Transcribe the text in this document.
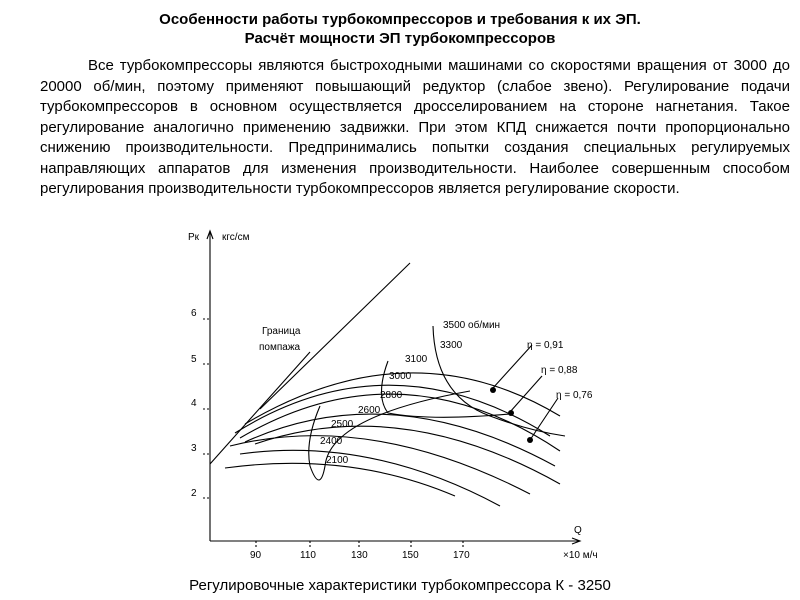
Особенности работы турбокомпрессоров и требования к их ЭП.
Расчёт мощности ЭП турбокомпрессоров
Все турбокомпрессоры являются быстроходными машинами со скоростями вращения от 3000 до 20000 об/мин, поэтому применяют повышающий редуктор (слабое звено). Регулирование подачи турбокомпрессоров в основном осуществляется дросселированием на стороне нагнетания. Такое регулирование аналогично применению задвижки. При этом КПД снижается почти пропорционально снижению производительности. Предпринимались попытки создания специальных регулируемых направляющих аппаратов для изменения производительности. Наиболее совершенным способом регулирования производительности турбокомпрессоров является регулирование скорости.
Pк кгс/см
Q
×10 м/ч
6
5
4
3
2
90	110	130	150	170
Граница
помпажа
3500 об/мин
3300
3100
3000
2800
2600
2500
2400
2100
η = 0,91
η = 0,88
η = 0,76
Регулировочные характеристики турбокомпрессора К - 3250
